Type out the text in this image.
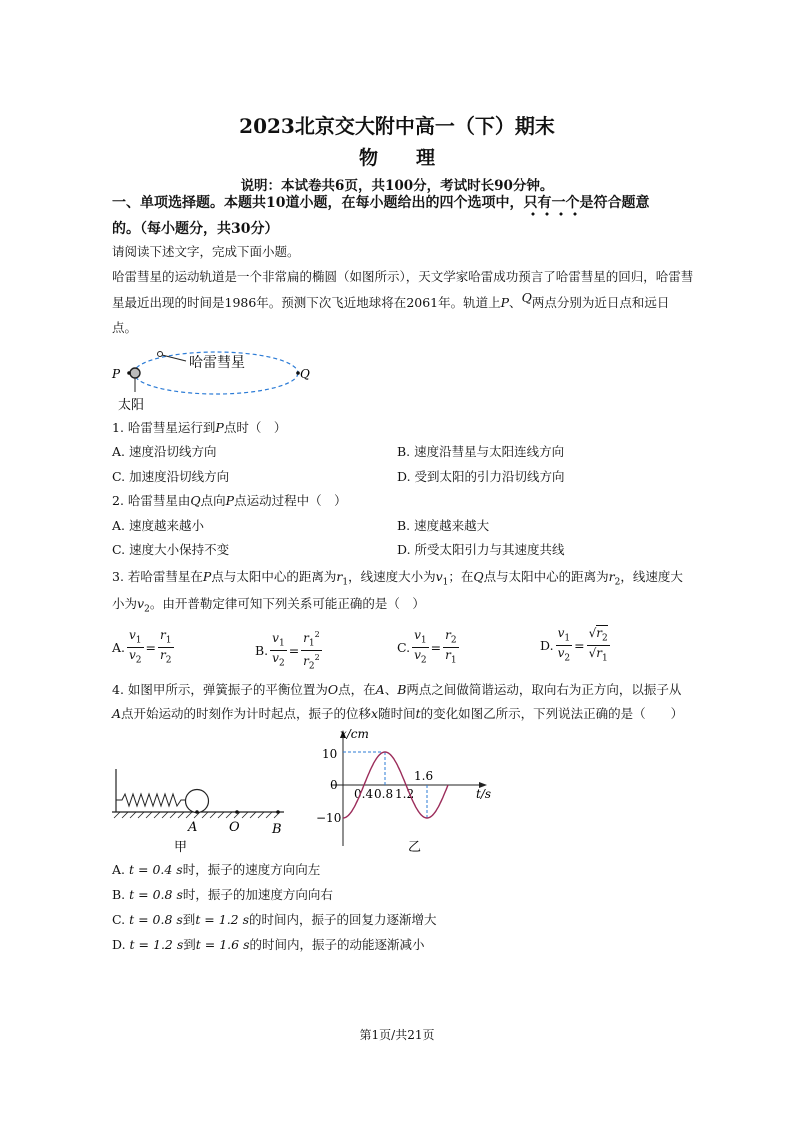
2023北京交大附中高一（下）期末
物　　理
说明：本试卷共6页，共100分，考试时长90分钟。
一、单项选择题。本题共10道小题，在每小题给出的四个选项中，只有一个是符合题意
的。（每小题分，共30分）
请阅读下述文字，完成下面小题。
哈雷彗星的运动轨道是一个非常扁的椭圆（如图所示），天文学家哈雷成功预言了哈雷彗星的回归，哈雷彗
星最近出现的时间是1986年。预测下次飞近地球将在2061年。轨道上P、Q两点分别为近日点和远日
点。
哈雷彗星
P	Q
太阳
1. 哈雷彗星运行到P点时（　）
A. 速度沿切线方向	B. 速度沿彗星与太阳连线方向
C. 加速度沿切线方向	D. 受到太阳的引力沿切线方向
2. 哈雷彗星由Q点向P点运动过程中（　）
A. 速度越来越小	B. 速度越来越大
C. 速度大小保持不变	D. 所受太阳引力与其速度共线
3. 若哈雷彗星在P点与太阳中心的距离为$r_1$，线速度大小为$v_1$；在Q点与太阳中心的距离为$r_2$，线速度大
小为$v_2$。由开普勒定律可知下列关系可能正确的是（　）
A. $\frac{v_1}{v_2} = \frac{r_1}{r_2}$	B. $\frac{v_1}{v_2} = \frac{r_1^2}{r_2^2}$	C. $\frac{v_1}{v_2} = \frac{r_2}{r_1}$	D. $\frac{v_1}{v_2} = \frac{√r_2}{√r_1}$
4. 如图甲所示，弹簧振子的平衡位置为O点，在A、B两点之间做简谐运动，取向右为正方向，以振子从
A点开始运动的时刻作为计时起点，振子的位移x随时间t的变化如图乙所示，下列说法正确的是（　　）
A O B
甲
x/cm
t/s
10
0
−10
0.4 0.8 1.2
1.6
乙
A. t = 0.4 s时，振子的速度方向向左
B. t = 0.8 s时，振子的加速度方向向右
C. t = 0.8 s到t = 1.2 s的时间内，振子的回复力逐渐增大
D. t = 1.2 s到t = 1.6 s的时间内，振子的动能逐渐减小
第1页/共21页
